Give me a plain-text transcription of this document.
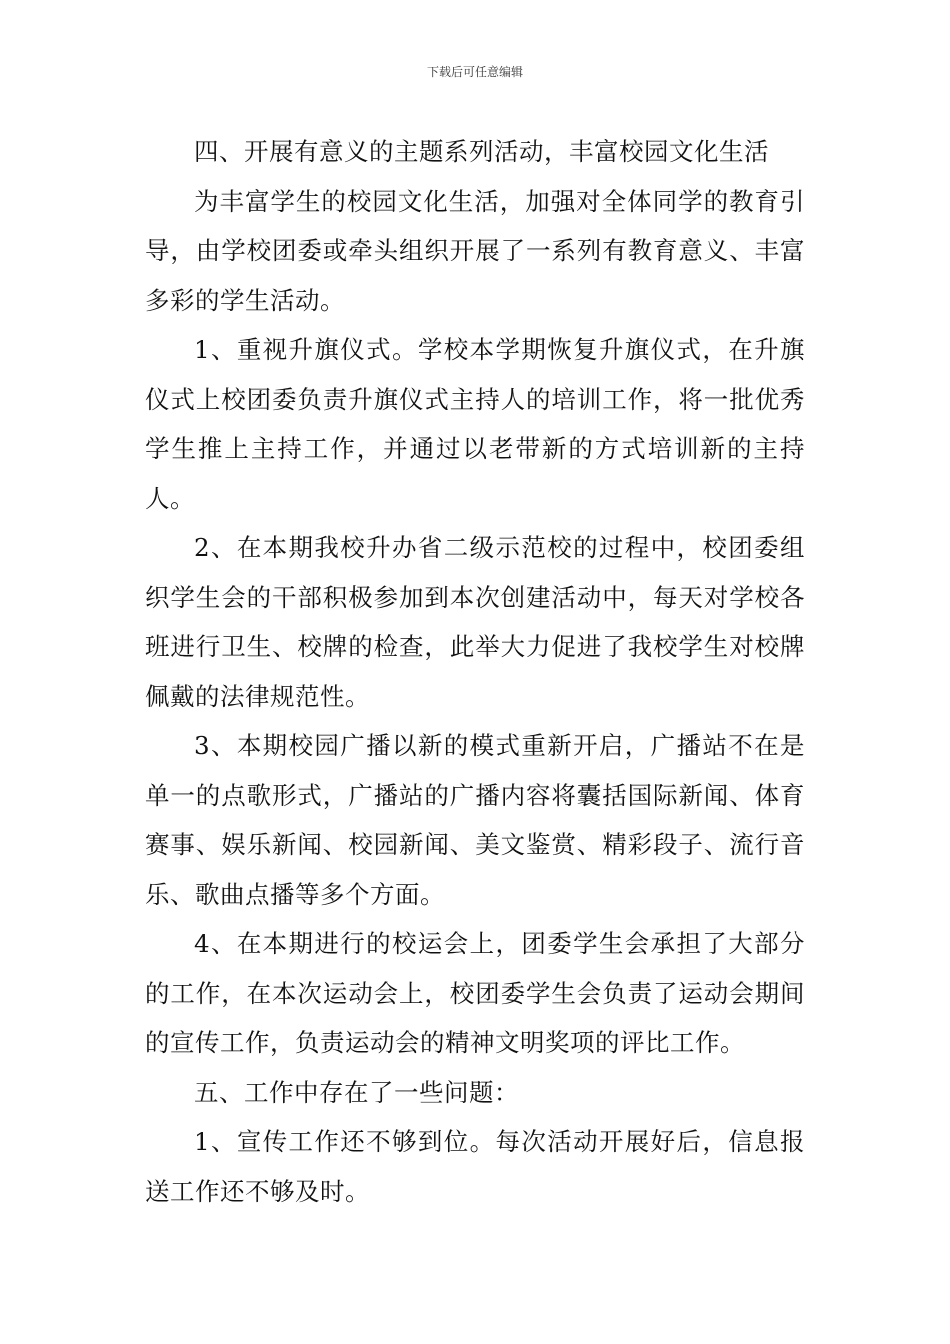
下载后可任意编辑

四、开展有意义的主题系列活动，丰富校园文化生活

为丰富学生的校园文化生活，加强对全体同学的教育引导，由学校团委或牵头组织开展了一系列有教育意义、丰富多彩的学生活动。

1、重视升旗仪式。学校本学期恢复升旗仪式，在升旗仪式上校团委负责升旗仪式主持人的培训工作，将一批优秀学生推上主持工作，并通过以老带新的方式培训新的主持人。

2、在本期我校升办省二级示范校的过程中，校团委组织学生会的干部积极参加到本次创建活动中，每天对学校各班进行卫生、校牌的检查，此举大力促进了我校学生对校牌佩戴的法律规范性。

3、本期校园广播以新的模式重新开启，广播站不在是单一的点歌形式，广播站的广播内容将囊括国际新闻、体育赛事、娱乐新闻、校园新闻、美文鉴赏、精彩段子、流行音乐、歌曲点播等多个方面。

4、在本期进行的校运会上，团委学生会承担了大部分的工作，在本次运动会上，校团委学生会负责了运动会期间的宣传工作，负责运动会的精神文明奖项的评比工作。

五、工作中存在了一些问题：

1、宣传工作还不够到位。每次活动开展好后，信息报送工作还不够及时。
